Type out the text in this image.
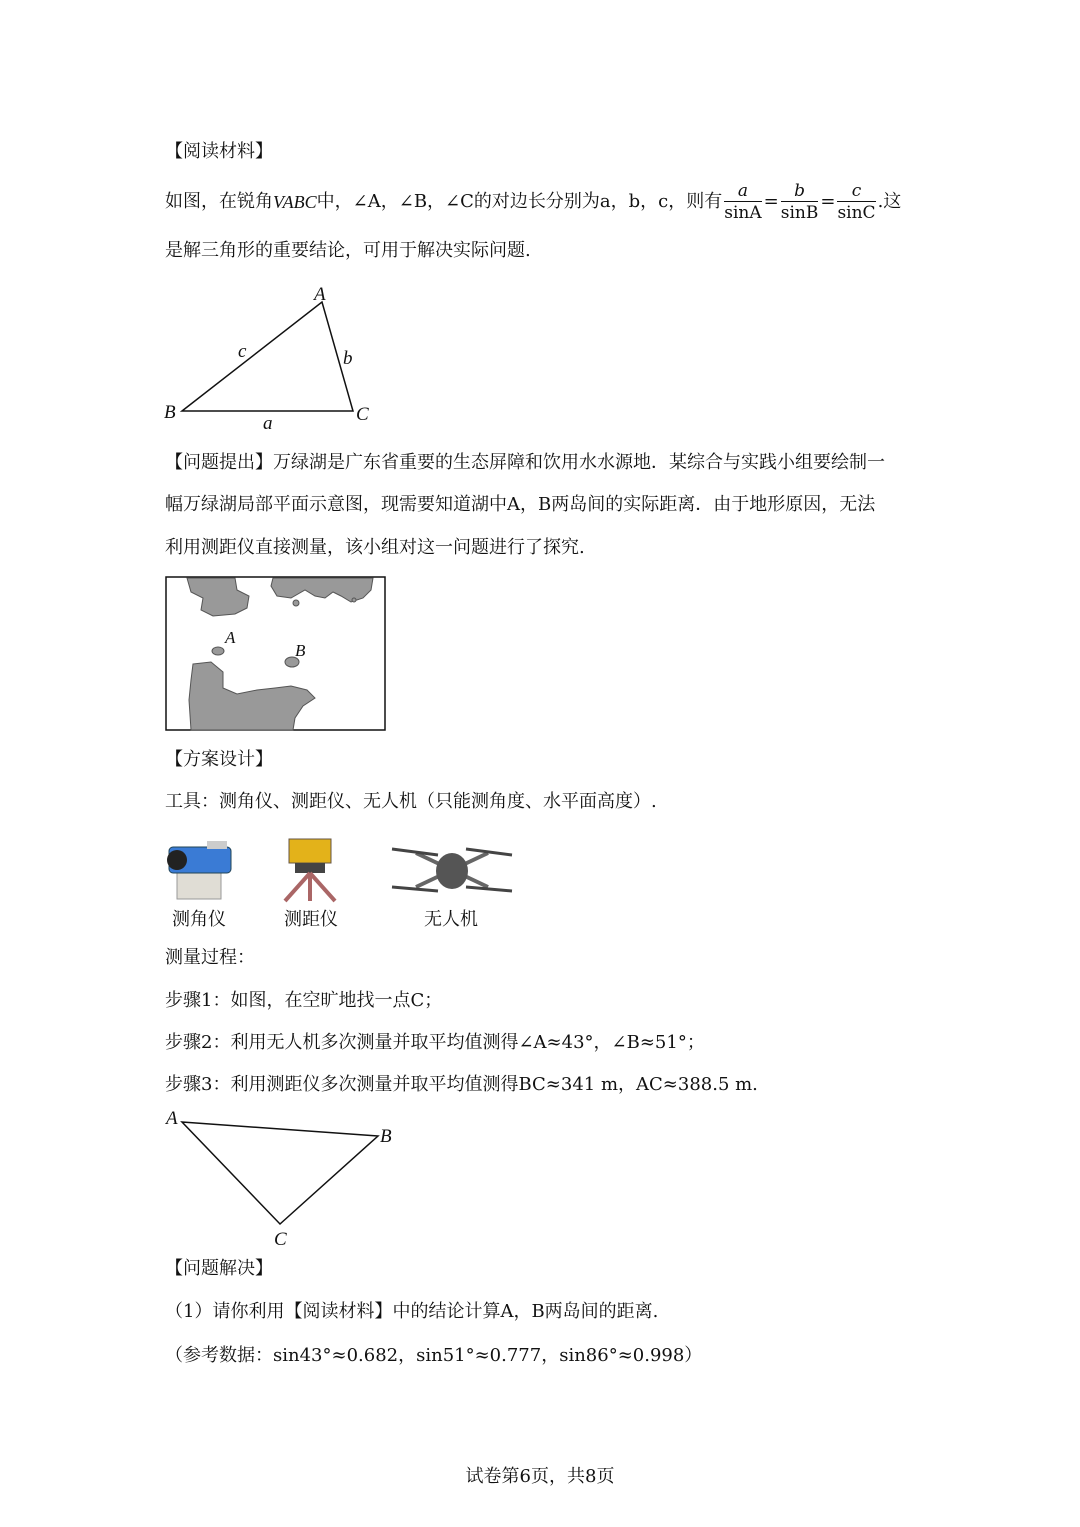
【阅读材料】
如图，在锐角 VABC 中，∠A，∠B，∠C的对边长分别为a，b，c，则有 $\frac{a}{\sin A} = \frac{b}{\sin B} = \frac{c}{\sin C}$ .这
是解三角形的重要结论，可用于解决实际问题.
A
B	C
a
b
c
【问题提出】万绿湖是广东省重要的生态屏障和饮用水水源地．某综合与实践小组要绘制一
幅万绿湖局部平面示意图，现需要知道湖中A，B两岛间的实际距离．由于地形原因，无法
利用测距仪直接测量，该小组对这一问题进行了探究.
A
B
【方案设计】
工具：测角仪、测距仪、无人机（只能测角度、水平面高度）.
测角仪	测距仪	无人机
测量过程：
步骤1：如图，在空旷地找一点C；
步骤2：利用无人机多次测量并取平均值测得∠A≈43°，∠B≈51°；
步骤3：利用测距仪多次测量并取平均值测得BC≈341 m，AC≈388.5 m.
A
B
C
【问题解决】
（1）请你利用【阅读材料】中的结论计算A，B两岛间的距离.
（参考数据：sin43°≈0.682，sin51°≈0.777，sin86°≈0.998）
试卷第6页，共8页
